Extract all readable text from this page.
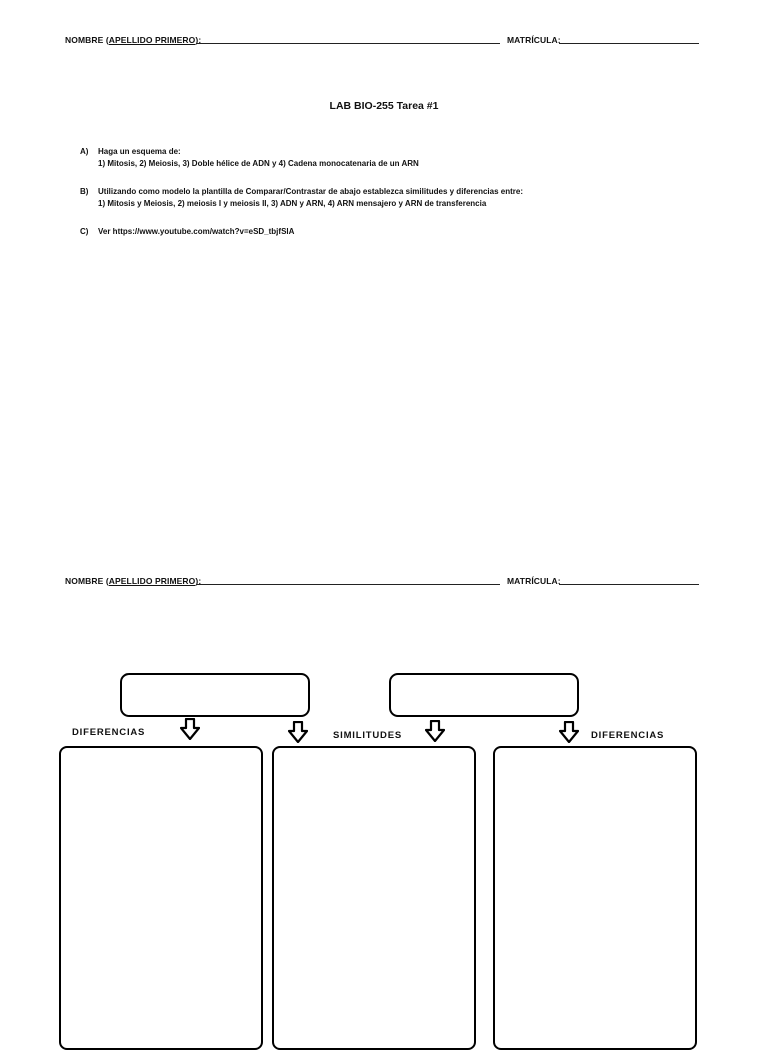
NOMBRE (APELLIDO PRIMERO):	MATRÍCULA:
LAB BIO-255 Tarea #1
A) Haga un esquema de:
1) Mitosis, 2) Meiosis, 3) Doble hélice de ADN y 4) Cadena monocatenaria de un ARN
B) Utilizando como modelo la plantilla de Comparar/Contrastar de abajo establezca similitudes y diferencias entre:
1) Mitosis y Meiosis, 2) meiosis I y meiosis II, 3) ADN y ARN, 4) ARN mensajero y ARN de transferencia
C) Ver https://www.youtube.com/watch?v=eSD_tbjfSlA
NOMBRE (APELLIDO PRIMERO):	MATRÍCULA:
DIFERENCIAS	SIMILITUDES	DIFERENCIAS
